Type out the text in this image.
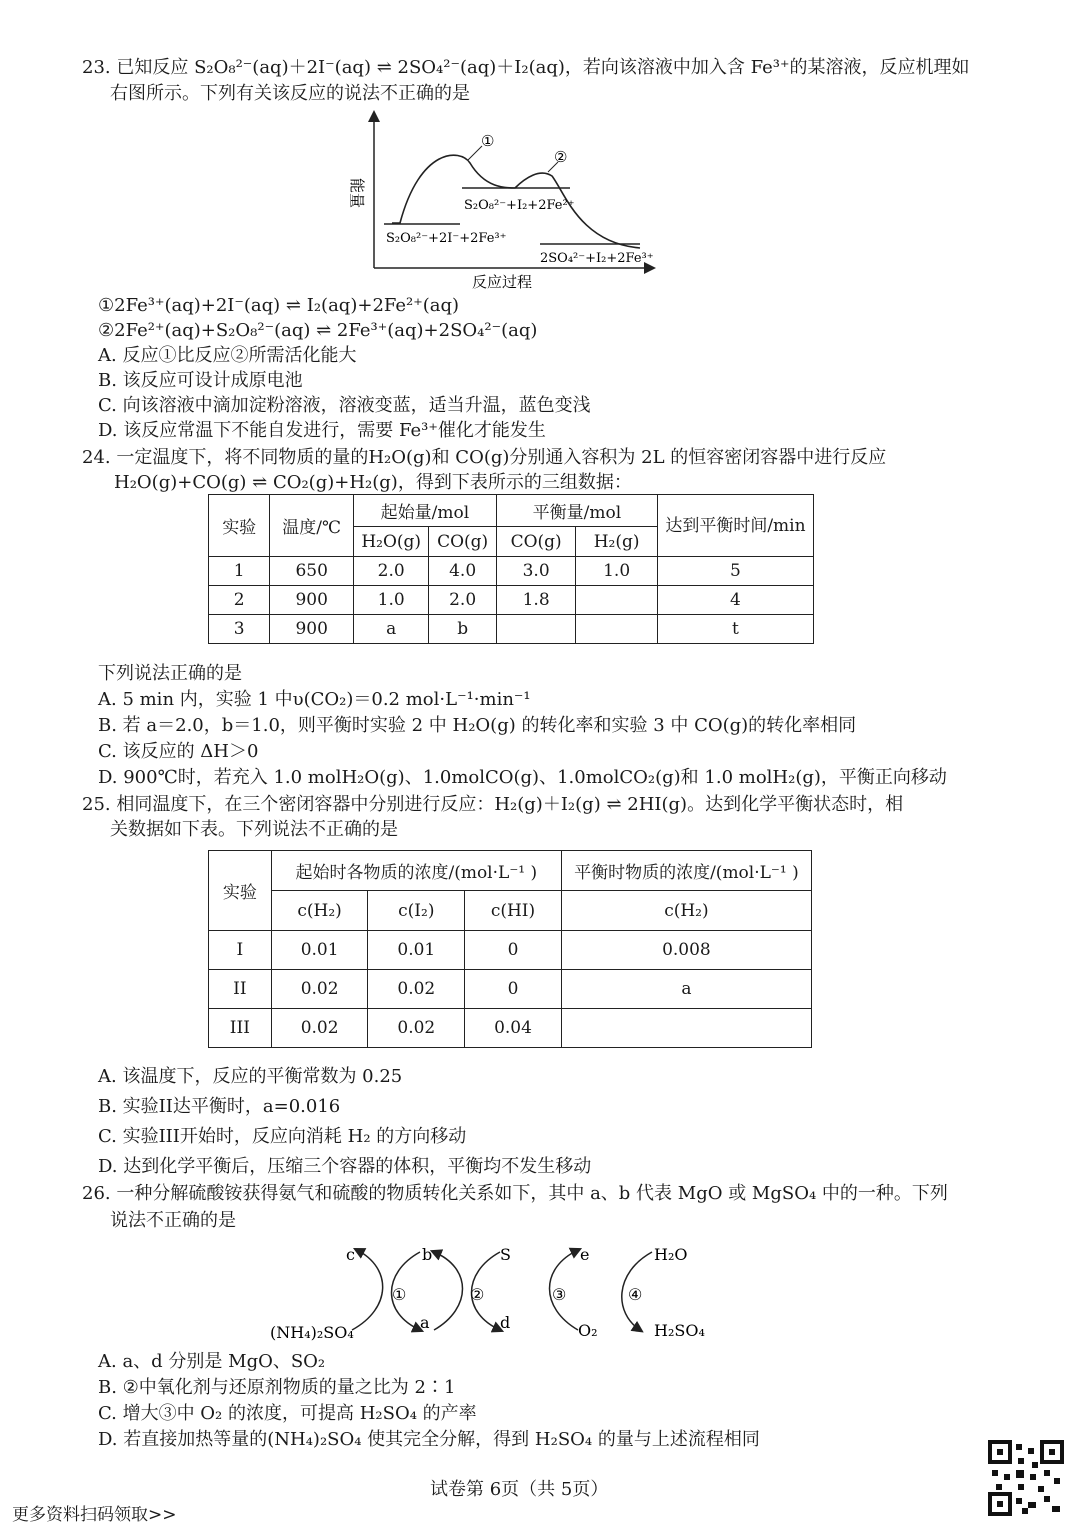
23. 已知反应 S₂O₈²⁻(aq)＋2I⁻(aq) ⇌ 2SO₄²⁻(aq)＋I₂(aq)，若向该溶液中加入含 Fe³⁺的某溶液，反应机理如
右图所示。下列有关该反应的说法不正确的是
能量
①
②
S₂O₈²⁻+I₂+2Fe²⁺
S₂O₈²⁻+2I⁻+2Fe³⁺
2SO₄²⁻+I₂+2Fe³⁺
反应过程
①2Fe³⁺(aq)+2I⁻(aq) ⇌ I₂(aq)+2Fe²⁺(aq)
②2Fe²⁺(aq)+S₂O₈²⁻(aq) ⇌ 2Fe³⁺(aq)+2SO₄²⁻(aq)
A. 反应①比反应②所需活化能大
B. 该反应可设计成原电池
C. 向该溶液中滴加淀粉溶液，溶液变蓝，适当升温，蓝色变浅
D. 该反应常温下不能自发进行，需要 Fe³⁺催化才能发生
24. 一定温度下，将不同物质的量的H₂O(g)和 CO(g)分别通入容积为 2L 的恒容密闭容器中进行反应
H₂O(g)+CO(g) ⇌ CO₂(g)+H₂(g)，得到下表所示的三组数据：
实验	温度/℃	起始量/mol		平衡量/mol		达到平衡时间/min
		H₂O(g)	CO(g)	CO(g)	H₂(g)	
1	650	2.0	4.0	3.0	1.0	5
2	900	1.0	2.0	1.8		4
3	900	a	b			t
下列说法正确的是
A. 5 min 内，实验 1 中υ(CO₂)＝0.2 mol·L⁻¹·min⁻¹
B. 若 a＝2.0，b＝1.0，则平衡时实验 2 中 H₂O(g) 的转化率和实验 3 中 CO(g)的转化率相同
C. 该反应的 ΔH＞0
D. 900℃时，若充入 1.0 molH₂O(g)、1.0molCO(g)、1.0molCO₂(g)和 1.0 molH₂(g)，平衡正向移动
25. 相同温度下，在三个密闭容器中分别进行反应：H₂(g)＋I₂(g) ⇌ 2HI(g)。达到化学平衡状态时，相
关数据如下表。下列说法不正确的是
实验	起始时各物质的浓度/(mol·L⁻¹ )			平衡时物质的浓度/(mol·L⁻¹ )
	c(H₂)	c(I₂)	c(HI)	c(H₂)
I	0.01	0.01	0	0.008
II	0.02	0.02	0	a
III	0.02	0.02	0.04	
A. 该温度下，反应的平衡常数为 0.25
B. 实验II达平衡时，a=0.016
C. 实验III开始时，反应向消耗 H₂ 的方向移动
D. 达到化学平衡后，压缩三个容器的体积，平衡均不发生移动
26. 一种分解硫酸铵获得氨气和硫酸的物质转化关系如下，其中 a、b 代表 MgO 或 MgSO₄ 中的一种。下列
说法不正确的是
c	b	S	e	H₂O
(NH₄)₂SO₄
a	d	O₂	H₂SO₄
①	②	③	④
A. a、d 分别是 MgO、SO₂
B. ②中氧化剂与还原剂物质的量之比为 2∶1
C. 增大③中 O₂ 的浓度，可提高 H₂SO₄ 的产率
D. 若直接加热等量的(NH₄)₂SO₄ 使其完全分解，得到 H₂SO₄ 的量与上述流程相同
试卷第 6页（共 5页）
更多资料扫码领取>>
